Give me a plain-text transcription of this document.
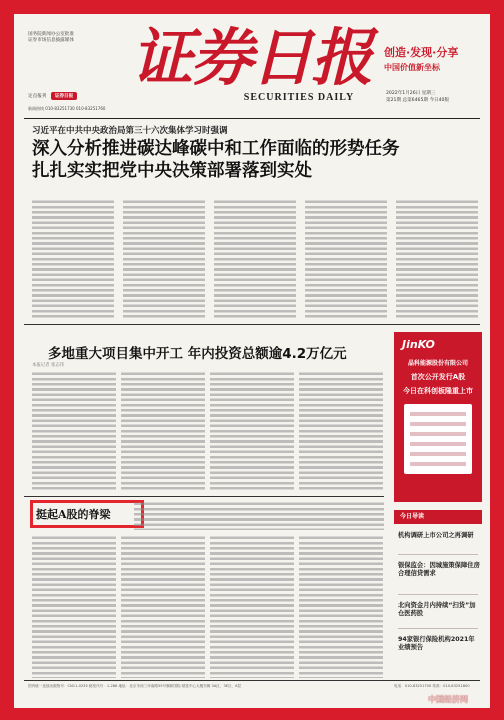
国务院新闻办公室批准
证券市场信息披露媒体
定点报刊 证券日报
新闻热线 010-83251730 010-83251760
证券日报
SECURITIES DAILY
创造·发现·分享
中国价值新坐标
2022年1月26日 星期三
第21期 总第6465期 今日40版
习近平在中共中央政治局第三十六次集体学习时强调
深入分析推进碳达峰碳中和工作面临的形势任务
扎扎实实把党中央决策部署落到实处
多地重大项目集中开工 年内投资总额逾4.2万亿元
本报记者 张志伟
JinKO
晶科能源股份有限公司
首次公开发行A股
今日在科创板隆重上市
挺起A股的脊梁	今日导读
机构调研上市公司之再调研
银保监会：因城施策保障住房合理信贷需求
北向资金月内持续“扫货”加仓医药股
94家银行保险机构2021年业绩预告
国内统一连续出版物号：CN11-0235 邮发代号：1-286 地址：北京市西三环南路55号顺和国际·财富中心大楼东侧 3A区、3E区、6层	电话：010-83251700 传真：010-83251800
中国经济网
